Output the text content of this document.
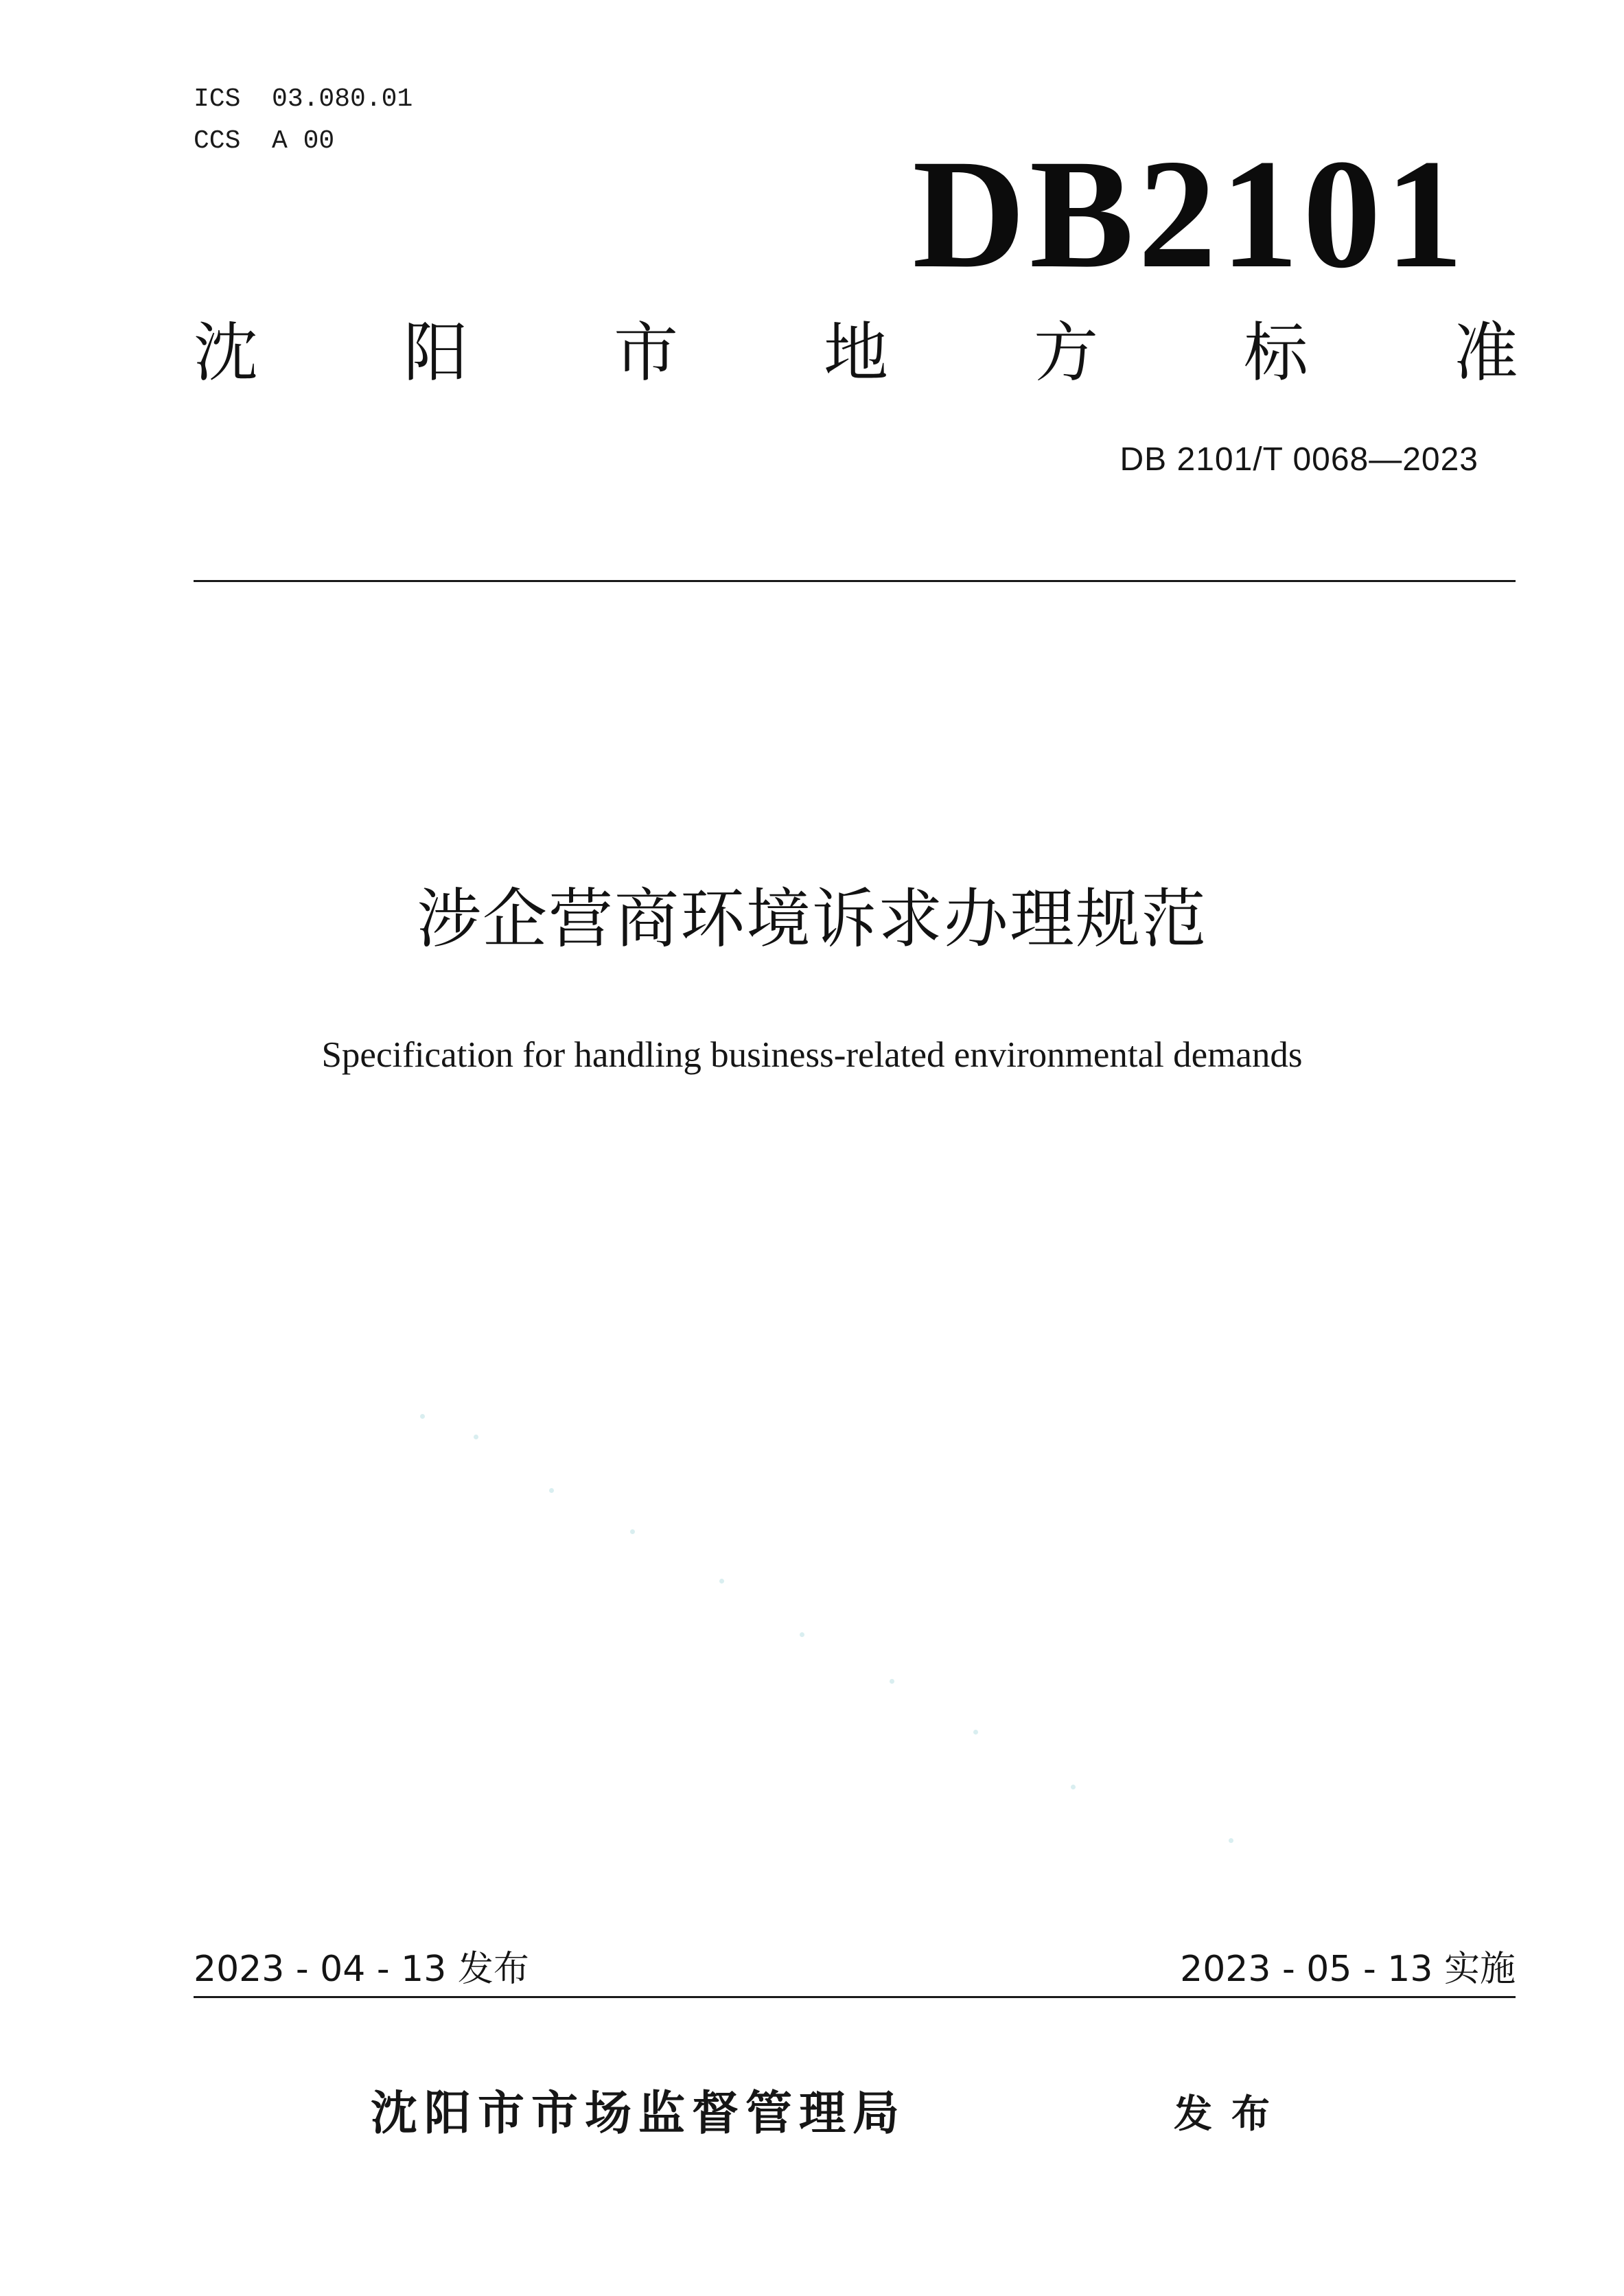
ICS  03.080.01
CCS  A 00	DB2101
沈 阳 市 地 方 标 准
DB 2101/T 0068—2023
涉企营商环境诉求办理规范
Specification for handling business-related environmental demands
2023 - 04 - 13 发布	2023 - 05 - 13 实施
沈阳市市场监督管理局	发布
